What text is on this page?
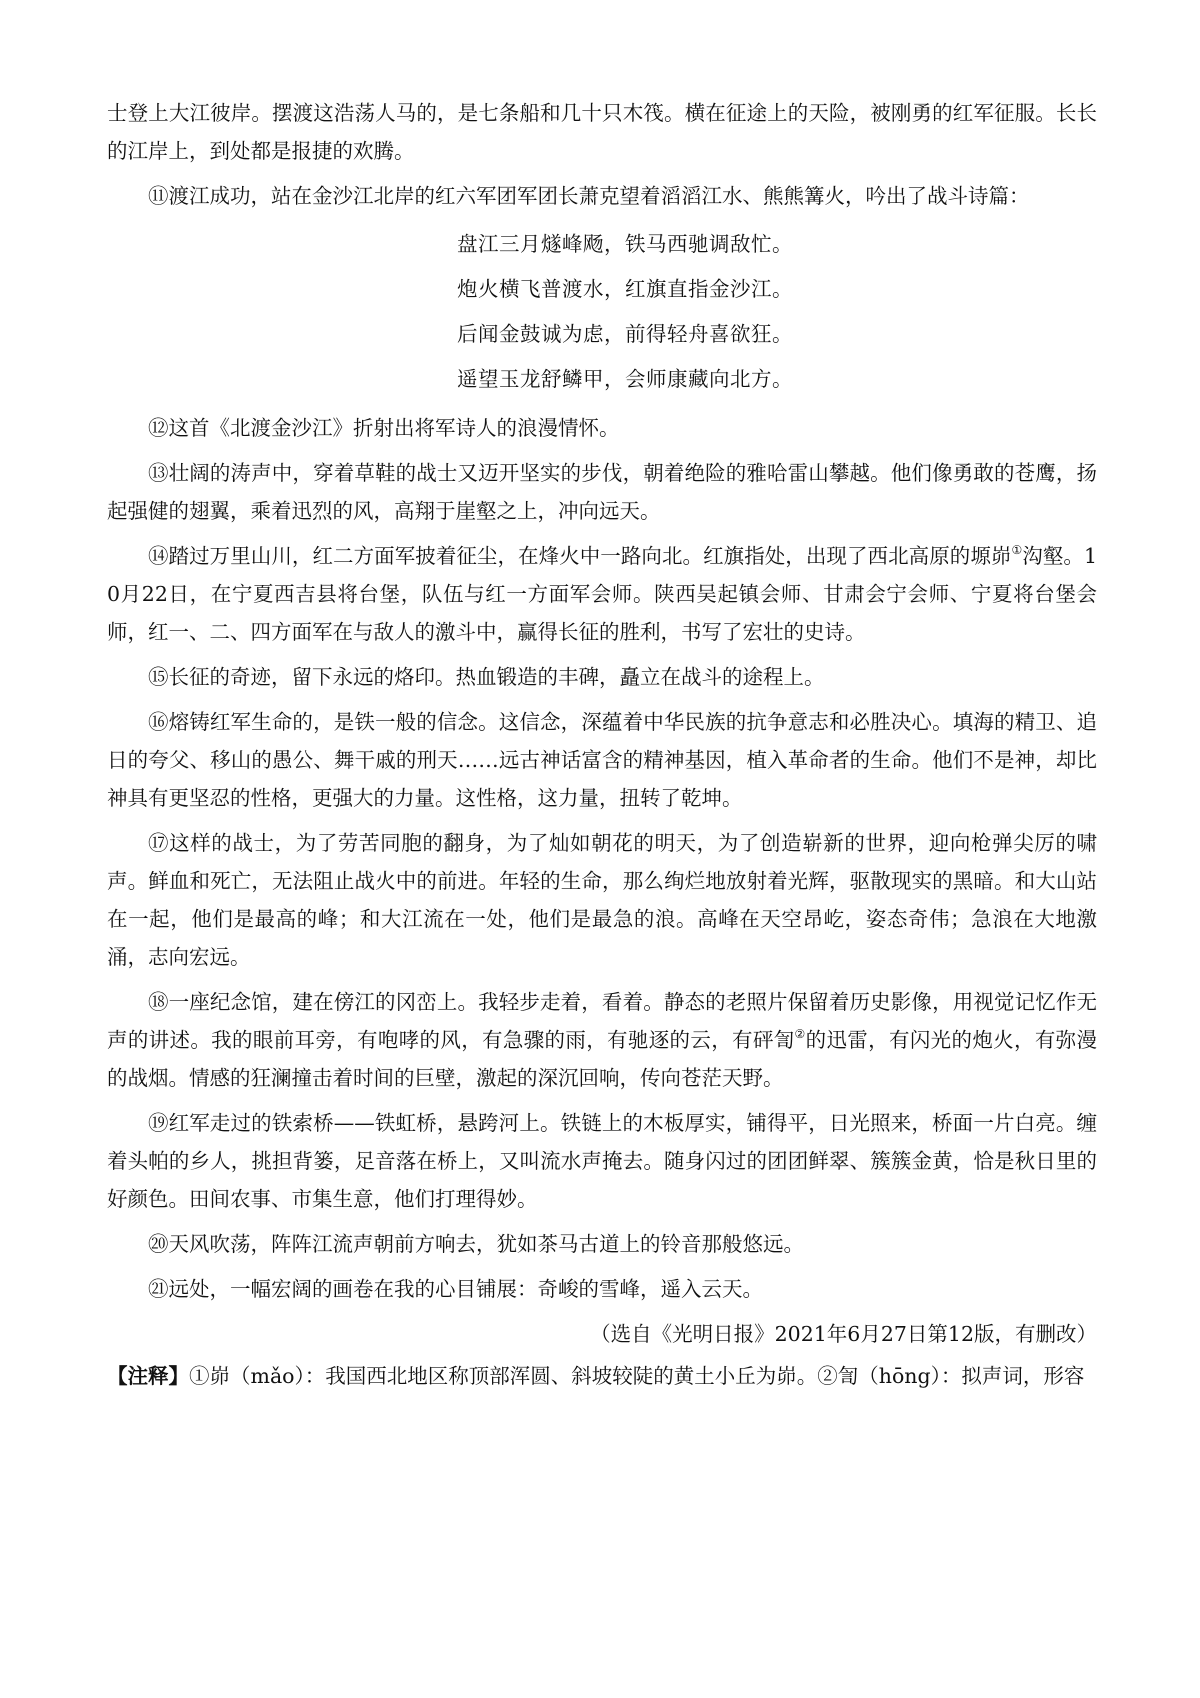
士登上大江彼岸。摆渡这浩荡人马的，是七条船和几十只木筏。横在征途上的天险，被刚勇的红军征服。长长的江岸上，到处都是报捷的欢腾。

⑪渡江成功，站在金沙江北岸的红六军团军团长萧克望着滔滔江水、熊熊篝火，吟出了战斗诗篇：

盘江三月燧峰飏，铁马西驰调敌忙。

炮火横飞普渡水，红旗直指金沙江。

后闻金鼓诚为虑，前得轻舟喜欲狂。

遥望玉龙舒鳞甲，会师康藏向北方。

⑫这首《北渡金沙江》折射出将军诗人的浪漫情怀。

⑬壮阔的涛声中，穿着草鞋的战士又迈开坚实的步伐，朝着绝险的雅哈雷山攀越。他们像勇敢的苍鹰，扬起强健的翅翼，乘着迅烈的风，高翔于崖壑之上，冲向远天。

⑭踏过万里山川，红二方面军披着征尘，在烽火中一路向北。红旗指处，出现了西北高原的塬峁①沟壑。10月22日，在宁夏西吉县将台堡，队伍与红一方面军会师。陕西吴起镇会师、甘肃会宁会师、宁夏将台堡会师，红一、二、四方面军在与敌人的激斗中，赢得长征的胜利，书写了宏壮的史诗。

⑮长征的奇迹，留下永远的烙印。热血锻造的丰碑，矗立在战斗的途程上。

⑯熔铸红军生命的，是铁一般的信念。这信念，深蕴着中华民族的抗争意志和必胜决心。填海的精卫、追日的夸父、移山的愚公、舞干戚的刑天……远古神话富含的精神基因，植入革命者的生命。他们不是神，却比神具有更坚忍的性格，更强大的力量。这性格，这力量，扭转了乾坤。

⑰这样的战士，为了劳苦同胞的翻身，为了灿如朝花的明天，为了创造崭新的世界，迎向枪弹尖厉的啸声。鲜血和死亡，无法阻止战火中的前进。年轻的生命，那么绚烂地放射着光辉，驱散现实的黑暗。和大山站在一起，他们是最高的峰；和大江流在一处，他们是最急的浪。高峰在天空昂屹，姿态奇伟；急浪在大地激涌，志向宏远。

⑱一座纪念馆，建在傍江的冈峦上。我轻步走着，看着。静态的老照片保留着历史影像，用视觉记忆作无声的讲述。我的眼前耳旁，有咆哮的风，有急骤的雨，有驰逐的云，有砰訇②的迅雷，有闪光的炮火，有弥漫的战烟。情感的狂澜撞击着时间的巨壁，激起的深沉回响，传向苍茫天野。

⑲红军走过的铁索桥——铁虹桥，悬跨河上。铁链上的木板厚实，铺得平，日光照来，桥面一片白亮。缠着头帕的乡人，挑担背篓，足音落在桥上，又叫流水声掩去。随身闪过的团团鲜翠、簇簇金黄，恰是秋日里的好颜色。田间农事、市集生意，他们打理得妙。

⑳天风吹荡，阵阵江流声朝前方响去，犹如茶马古道上的铃音那般悠远。

㉑远处，一幅宏阔的画卷在我的心目铺展：奇峻的雪峰，遥入云天。

（选自《光明日报》2021年6月27日第12版，有删改）

【注释】①峁（mǎo）：我国西北地区称顶部浑圆、斜坡较陡的黄土小丘为峁。②訇（hōng）：拟声词，形容
